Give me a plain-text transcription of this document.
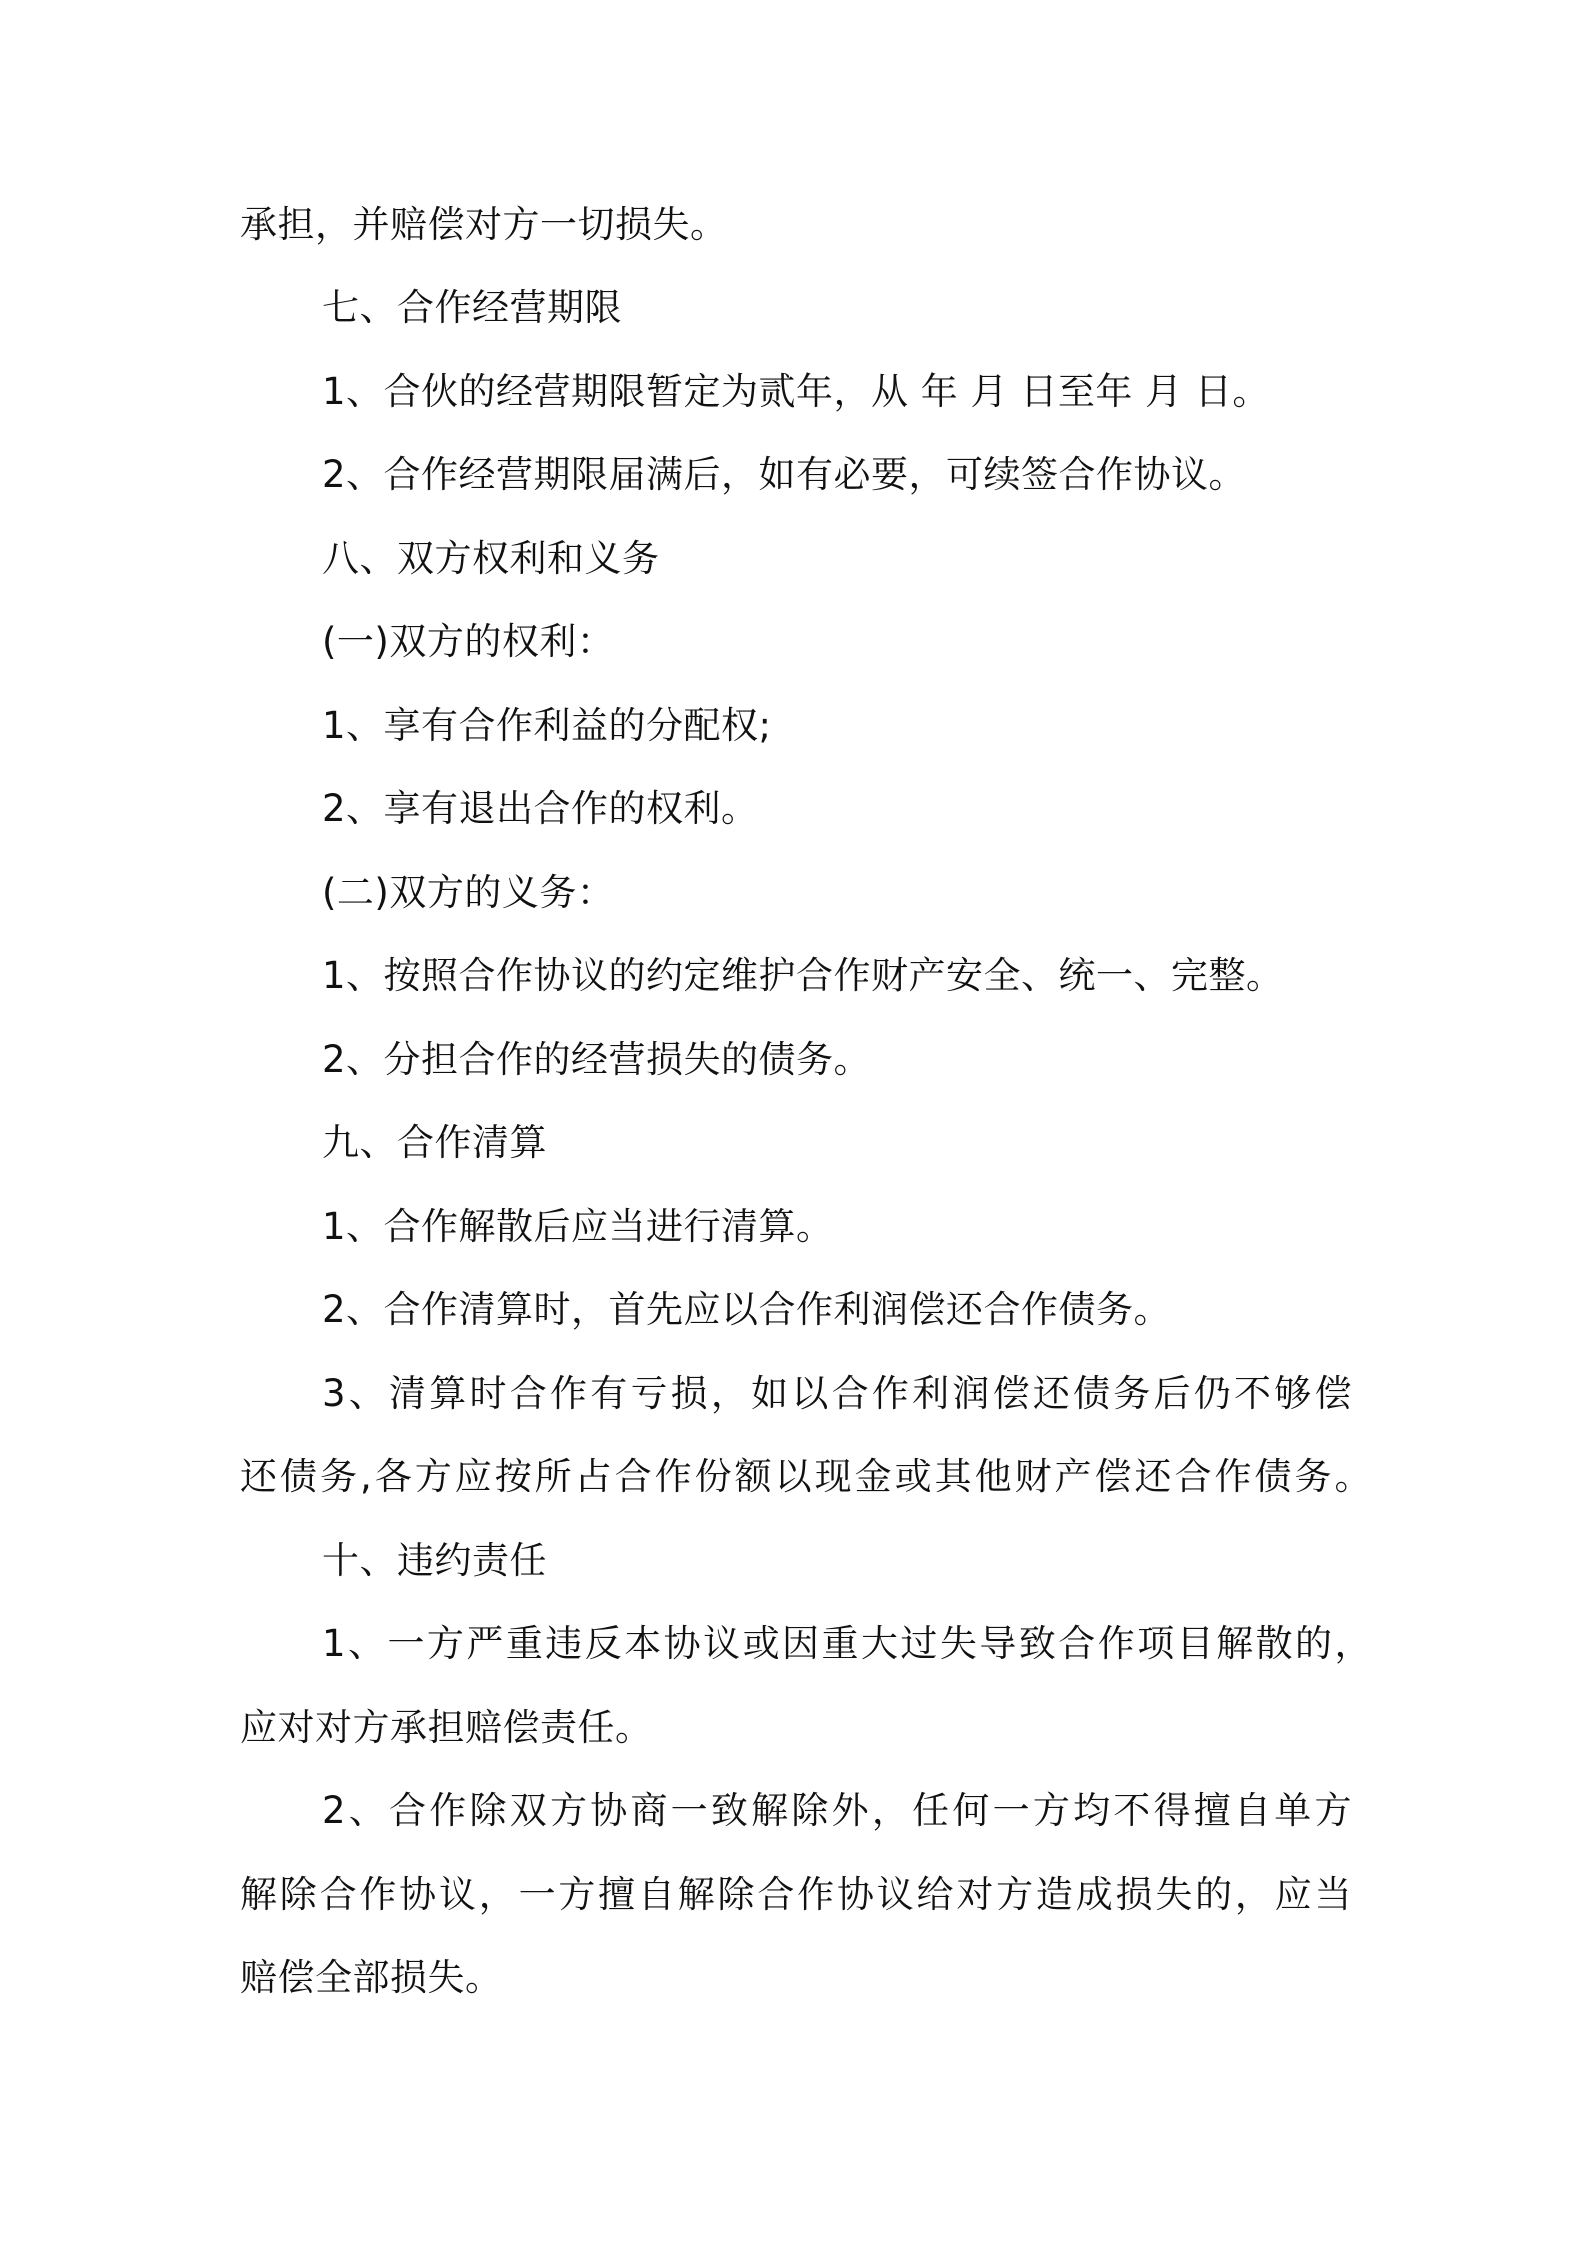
承担，并赔偿对方一切损失。
七、合作经营期限
1、合伙的经营期限暂定为贰年，从 年 月 日至年 月 日。
2、合作经营期限届满后，如有必要，可续签合作协议。
八、双方权利和义务
(一)双方的权利：
1、享有合作利益的分配权;
2、享有退出合作的权利。
(二)双方的义务：
1、按照合作协议的约定维护合作财产安全、统一、完整。
2、分担合作的经营损失的债务。
九、合作清算
1、合作解散后应当进行清算。
2、合作清算时，首先应以合作利润偿还合作债务。
3、清算时合作有亏损，如以合作利润偿还债务后仍不够偿
还债务,各方应按所占合作份额以现金或其他财产偿还合作债务。
十、违约责任
1、一方严重违反本协议或因重大过失导致合作项目解散的，
应对对方承担赔偿责任。
2、合作除双方协商一致解除外，任何一方均不得擅自单方
解除合作协议，一方擅自解除合作协议给对方造成损失的，应当
赔偿全部损失。
